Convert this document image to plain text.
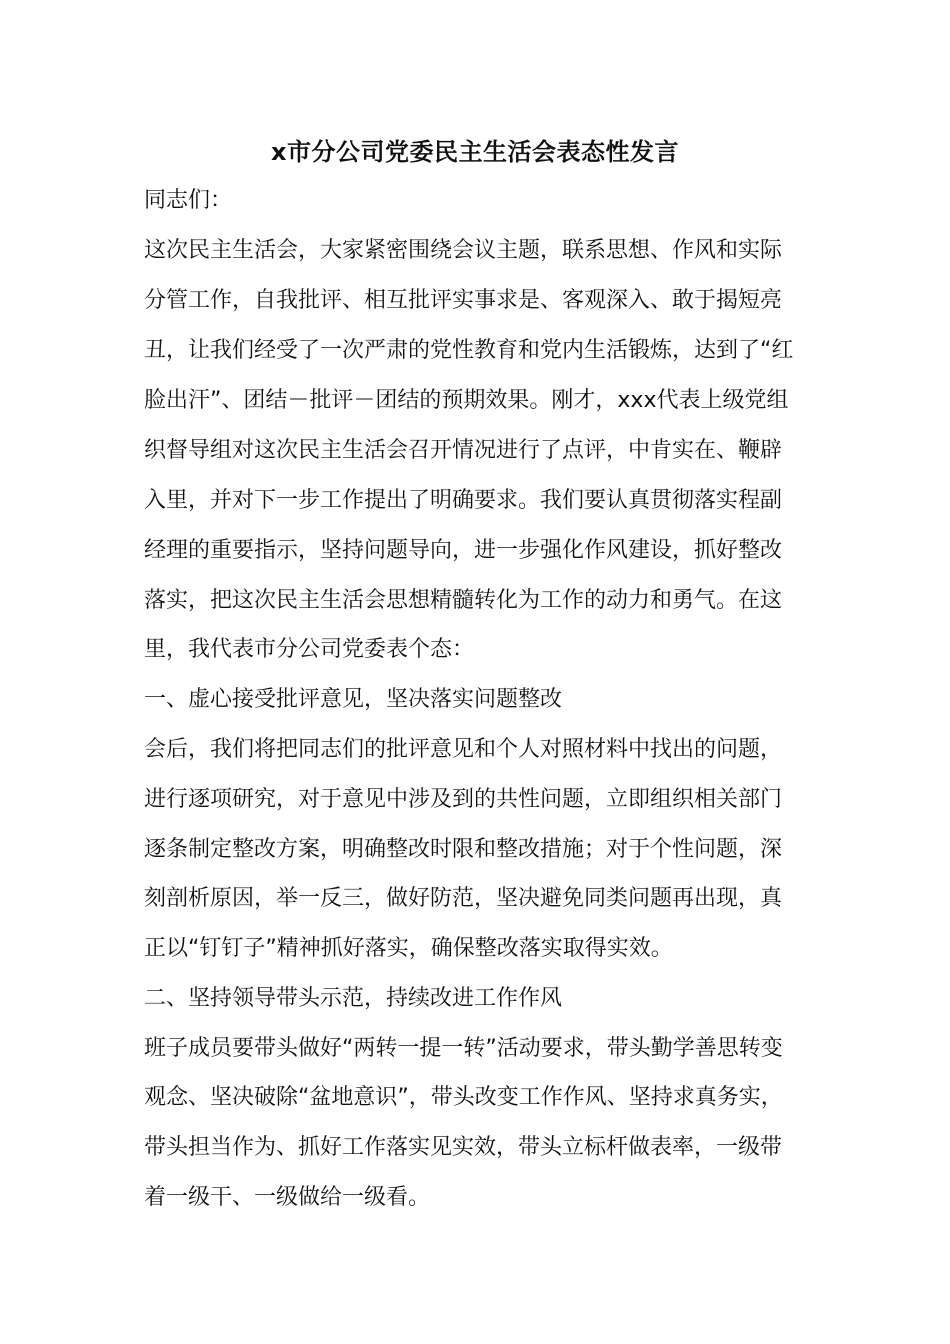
x市分公司党委民主生活会表态性发言
同志们：
这次民主生活会，大家紧密围绕会议主题，联系思想、作风和实际
分管工作，自我批评、相互批评实事求是、客观深入、敢于揭短亮
丑，让我们经受了一次严肃的党性教育和党内生活锻炼，达到了“红
脸出汗”、团结－批评－团结的预期效果。刚才，xxx代表上级党组
织督导组对这次民主生活会召开情况进行了点评，中肯实在、鞭辟
入里，并对下一步工作提出了明确要求。我们要认真贯彻落实程副
经理的重要指示，坚持问题导向，进一步强化作风建设，抓好整改
落实，把这次民主生活会思想精髓转化为工作的动力和勇气。在这
里，我代表市分公司党委表个态：
一、虚心接受批评意见，坚决落实问题整改
会后，我们将把同志们的批评意见和个人对照材料中找出的问题，
进行逐项研究，对于意见中涉及到的共性问题，立即组织相关部门
逐条制定整改方案，明确整改时限和整改措施；对于个性问题，深
刻剖析原因，举一反三，做好防范，坚决避免同类问题再出现，真
正以“钉钉子”精神抓好落实，确保整改落实取得实效。
二、坚持领导带头示范，持续改进工作作风
班子成员要带头做好“两转一提一转”活动要求，带头勤学善思转变
观念、坚决破除“盆地意识”，带头改变工作作风、坚持求真务实，
带头担当作为、抓好工作落实见实效，带头立标杆做表率，一级带
着一级干、一级做给一级看。
